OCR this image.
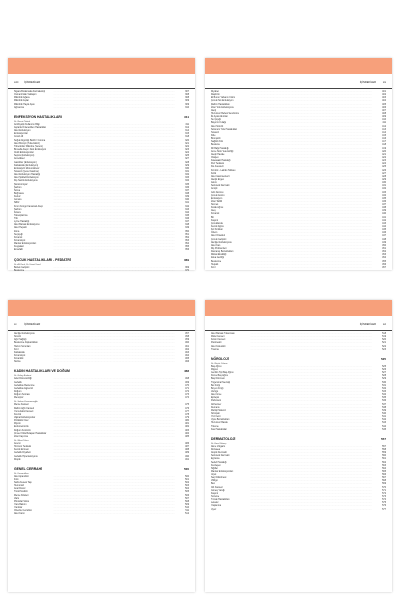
xviii İÇİNDEKİLER
Sigara Bırakmada Farmakoloji	307
.....
Osmanlı'dak Yaklaşım	308
.....
Mikrobik Ağaca	308
.....
Mikrobik Aşılar	309
.....
Mikrobik Hayat Aşısı	309
.....
Ağrıanma	310
.....
ENFEKSİYON HASTALIKLARI	311
Dr. Recai Öztürk
Antibiyotik Kullanımı Bilgi	311
.....
Aşılarla Önlenebilen Hastalıklar	312
.....
Akut Enfeksiyon	314
.....
Enfeksiyonlar	315
.....
Covid-19	318
.....
Soğuk Algınlığı Belirti / Corona	320
.....
Akut Bronşit (Tuberküloz)	321
.....
Tüberküloz Mikrobu (Verem)	322
.....
Brusella Ateşi / Akut Enfeksiyon	323
.....
Ciddi Enfeksiyonlar	324
.....
Sepsis (Enfeksiyon)	325
.....
Anneliksel	327
.....
Gastritler (Enfeksiyon)	328
.....
Kabakulak (Enfeksiyon)	329
.....
Enfeksiyöz Mononükleoz	330
.....
Tetanoz (Çene Kasılma)	331
.....
Akut Enfeksiyon Hastalığı	332
.....
Akut Şiddetli Enfeksiyon	333
.....
Dış Sarılık Enfeksiyonu	334
.....
Şistozomiyaz	335
.....
Şarbon	336
.....
Sıtma	337
.....
Boğmaca	338
.....
Kuduz	339
.....
Gonore	340
.....
Sifiliz	341
.....
Kırım Kongo Kanamalı Ateşi	342
.....
Şarbon	343
.....
Kolera	344
.....
Toksoplazma	345
.....
Tifo	346
.....
Lyme Hastalığı	347
.....
Akut Barsak Enfeksiyonu	348
.....
Akut Hepatit	349
.....
Zona	350
.....
Suçiçeği	351
.....
Kızamık	352
.....
Kızamıkçık	353
.....
Mantar Enfeksiyonları	354
.....
Kuşpalazı	355
.....
Ensefalit	356
.....
ÇOCUK HASTALIKLARI - PEDİATRİ	369
Dr. Ali Ünal, Dr. Umut Vaad
Bebek Gelişimi	369
.....
Beslenme	370
.....
xix
İÇİNDEKİLER
Diyabet	401
.....
Raşitizm	402
.....
El Burun Yabancı Cisim	403
.....
Çocuk Sık Enfeksiyon	404
.....
Rahim Hastalıkları	405
.....
İdrar Yolu Enfeksiyonu	406
.....
Alerji	407
.....
Huzursuz Bebek Sendromu	408
.....
İlk Ayak Adımları	409
.....
Su Çiçeği	410
.....
Bayırım Kulağı	411
.....
Akut Sinüzit	412
.....
Solunum Yolu Hastalıkları	413
.....
Tetanoz	414
.....
Kitle	415
.....
Bronşiolit	416
.....
Sağlıklı Kilo	417
.....
Besleme	418
.....
Dil Bağı Hastalığı	419
.....
Anne Sütü Yetersizliği	420
.....
Ateşli Havale	421
.....
Oksijen	422
.....
Kawasaki Hastalığı	423
.....
Peri Tedavisi	424
.....
Kis Anestezi	425
.....
Kızılcık - Lakrds Tahtası	426
.....
Kolik	427
.....
Akut Gastroenterit	428
.....
Alerjik Ergen	429
.....
Astım	430
.....
Seboreik Dermatit	431
.....
Amipli	432
.....
Göz Akıntısı	433
.....
Çocuk Astımı	434
.....
Enfeksiyon	435
.....
İdrar Tahlili	436
.....
Sünnet	437
.....
Kulak Ağrısı	438
.....
Ateş	439
.....
Kızamık	440
.....
Bit	441
.....
Kaşıntı	442
.....
Çocuklarda	443
.....
Kemik Ağrısı	444
.....
Kol Kırıkları	445
.....
Ödem	446
.....
Akut Ortaokul	447
.....
Çocuk Gelişimi	448
.....
Akciğer Enfeksiyonu	449
.....
Akut Kan	450
.....
Diş Problemleri	451
.....
Davranış Bozuklukları	452
.....
Dikkat Eksikliği	453
.....
Zeka Geriliği	454
.....
Beslenme	455
.....
Hepatit	456
.....
Kızıl	457
.....
xx	İÇİNDEKİLER
Akciğer Enfeksiyonu	457
.....
Sinüzit	458
.....
Ağız Sağlığı	459
.....
Beslenme Alışkanlıkları	460
.....
Hazım Sorunları	461
.....
Kızıl	462
.....
Kabakulak	463
.....
Kızamıkçık	464
.....
Kızarıklık	465
.....
Sivilce	466
.....
KADIN HASTALIKLARI VE DOĞUM	468
Dr. Gülay Bozkurt
Adet Düzensizliği	468
.....
Gebelik	469
.....
Gebelikte Beslenme	470
.....
Gebelikte Egzersiz	471
.....
Doğum	472
.....
Doğum Sonrası	473
.....
Menopoz	474
.....
Dr. Selma Kocamanoğlu
Meme Kanseri	475
.....
Rahim Ağzı Kanseri	476
.....
Yumurtalık Kanseri	477
.....
Kısırlık	478
.....
Vajinal Enfeksiyonlar	479
.....
Polikistik Over	480
.....
Miyom	481
.....
Endometriozis	482
.....
Doğum Kontrolü	483
.....
Cinsel Yolla Bulaşan Hastalıklar	484
.....
İdrar Kaçırma	485
.....
Dr. Nihat Teker
Anemi	486
.....
Hormon Tedavisi	487
.....
Kemik Erimesi	488
.....
Gebelik Diyabeti	489
.....
Gebelik Hipertansiyonu	490
.....
Düşük	491
.....
GENEL CERRAHİ	500
Dr. Kenan Arıcı
Akut Apandisit	500
.....
Fıtık	501
.....
Safra Kesesi Taşı	502
.....
Hemoroid	503
.....
Anal Fissür	504
.....
Tiroid Nodülü	505
.....
Meme Kitleleri	506
.....
Varis	507
.....
Pilonidal Sinüs	508
.....
Yara Bakımı	509
.....
Yanıklar	510
.....
Obezite Cerrahisi	511
.....
Akut Karın	512
.....
xxi
İÇİNDEKİLER
Akut Barsak Tıkanması	518
.....
Mide Kanseri	519
.....
Kolon Kanseri	520
.....
Pankreatit	521
.....
Akut Kolesistit	522
.....
Travma	523
.....
NÖROLOJİ	525
Dr. Rüştü Yılmaz
Baş Ağrısı	525
.....
Migren	526
.....
Gerilim Tipi Baş Ağrısı	527
.....
Küme Baş Ağrısı	528
.....
Baş Dönmesi	529
.....
Trigeminal Nevralji	530
.....
Bel Fıtığı	531
.....
Boyun Fıtığı	532
.....
Vertigo	533
.....
Akut İnme	534
.....
Epilepsi	535
.....
Parkinson	536
.....
Alzheimer	537
.....
Demans	538
.....
Multipl Skleroz	539
.....
Nöropati	540
.....
Yüz Felci	541
.....
Uyku Bozuklukları	542
.....
Huzursuz Bacak	543
.....
Titreme	544
.....
Kas Hastalıkları	545
.....
DERMATOLOJİ	557
Dr. Emel Güneş
Akne Vulgaris	557
.....
Rozasea	558
.....
Atopik Dermatit	559
.....
Seboreik Dermatit	560
.....
Egzama	561
.....
Sedef Hastalığı	562
.....
Kurdeşen	563
.....
Siğiller	564
.....
Mantar Enfeksiyonları	565
.....
Uçuk	566
.....
Saç Dökülmesi	567
.....
Vitiligo	568
.....
Ben	569
.....
Cilt Kanseri	570
.....
Güneş Yanığı	571
.....
Kaşıntı	572
.....
Terleme	573
.....
Tırnak Hastalıkları	574
.....
Lekeler	575
.....
Yaşlanma	576
.....
Uyuz	577
.....
